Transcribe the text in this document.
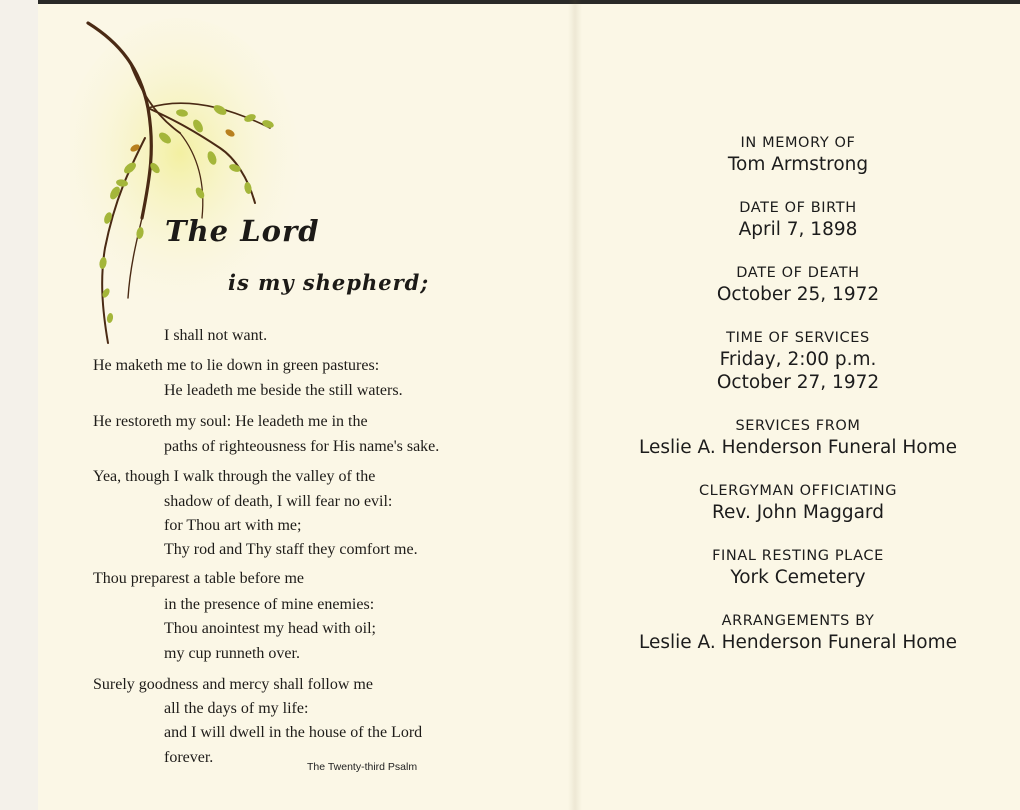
The Lord
is my shepherd;
I shall not want.
He maketh me to lie down in green pastures:
He leadeth me beside the still waters.
He restoreth my soul: He leadeth me in the
paths of righteousness for His name's sake.
Yea, though I walk through the valley of the
shadow of death, I will fear no evil:
for Thou art with me;
Thy rod and Thy staff they comfort me.
Thou preparest a table before me
in the presence of mine enemies:
Thou anointest my head with oil;
my cup runneth over.
Surely goodness and mercy shall follow me
all the days of my life:
and I will dwell in the house of the Lord
forever.
The Twenty-third Psalm
IN MEMORY OF
Tom Armstrong
DATE OF BIRTH
April 7, 1898
DATE OF DEATH
October 25, 1972
TIME OF SERVICES
Friday, 2:00 p.m.
October 27, 1972
SERVICES FROM
Leslie A. Henderson Funeral Home
CLERGYMAN OFFICIATING
Rev. John Maggard
FINAL RESTING PLACE
York Cemetery
ARRANGEMENTS BY
Leslie A. Henderson Funeral Home
